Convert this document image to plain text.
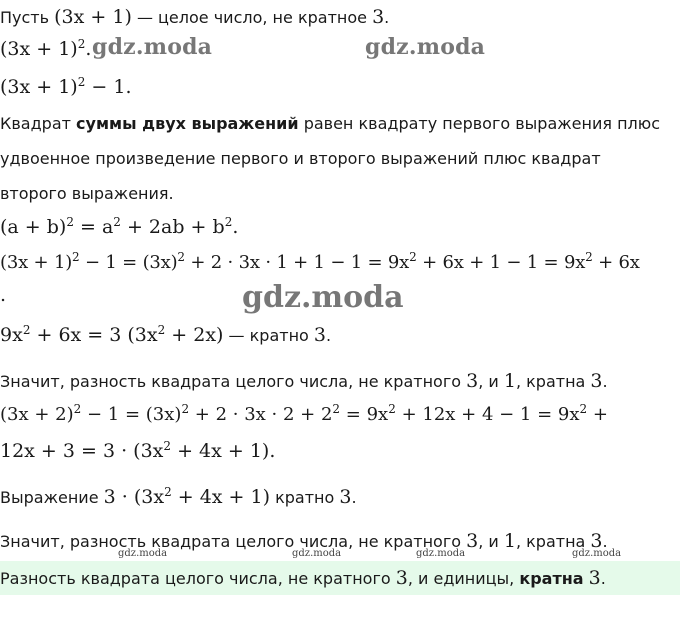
Пусть (3x + 1) — целое число, не кратное 3.
$(3x + 1)^2$.
$(3x + 1)^2 - 1$.
Квадрат суммы двух выражений равен квадрату первого выражения плюс
удвоенное произведение первого и второго выражений плюс квадрат
второго выражения.
$(a + b)^2 = a^2 + 2ab + b^2$.
$(3x + 1)^2 - 1 = (3x)^2 + 2 \cdot 3x \cdot 1 + 1 - 1 = 9x^2 + 6x + 1 - 1 = 9x^2 + 6x$
.
$9x^2 + 6x = 3$ $(3x^2 + 2x)$ — кратно 3.
Значит, разность квадрата целого числа, не кратного 3, и 1, кратна 3.
$(3x + 2)^2 - 1 = (3x)^2 + 2 \cdot 3x \cdot 2 + 2^2 = 9x^2 + 12x + 4 - 1 = 9x^2$ +
$12x + 3 = 3 \cdot (3x^2 + 4x + 1)$.
Выражение $3 \cdot (3x^2 + 4x + 1)$ кратно 3.
Значит, разность квадрата целого числа, не кратного 3, и 1, кратна 3.
Разность квадрата целого числа, не кратного 3, и единицы, кратна 3.
gdz.moda	gdz.moda
gdz.moda
gdz.moda	gdz.moda	gdz.moda	gdz.moda
